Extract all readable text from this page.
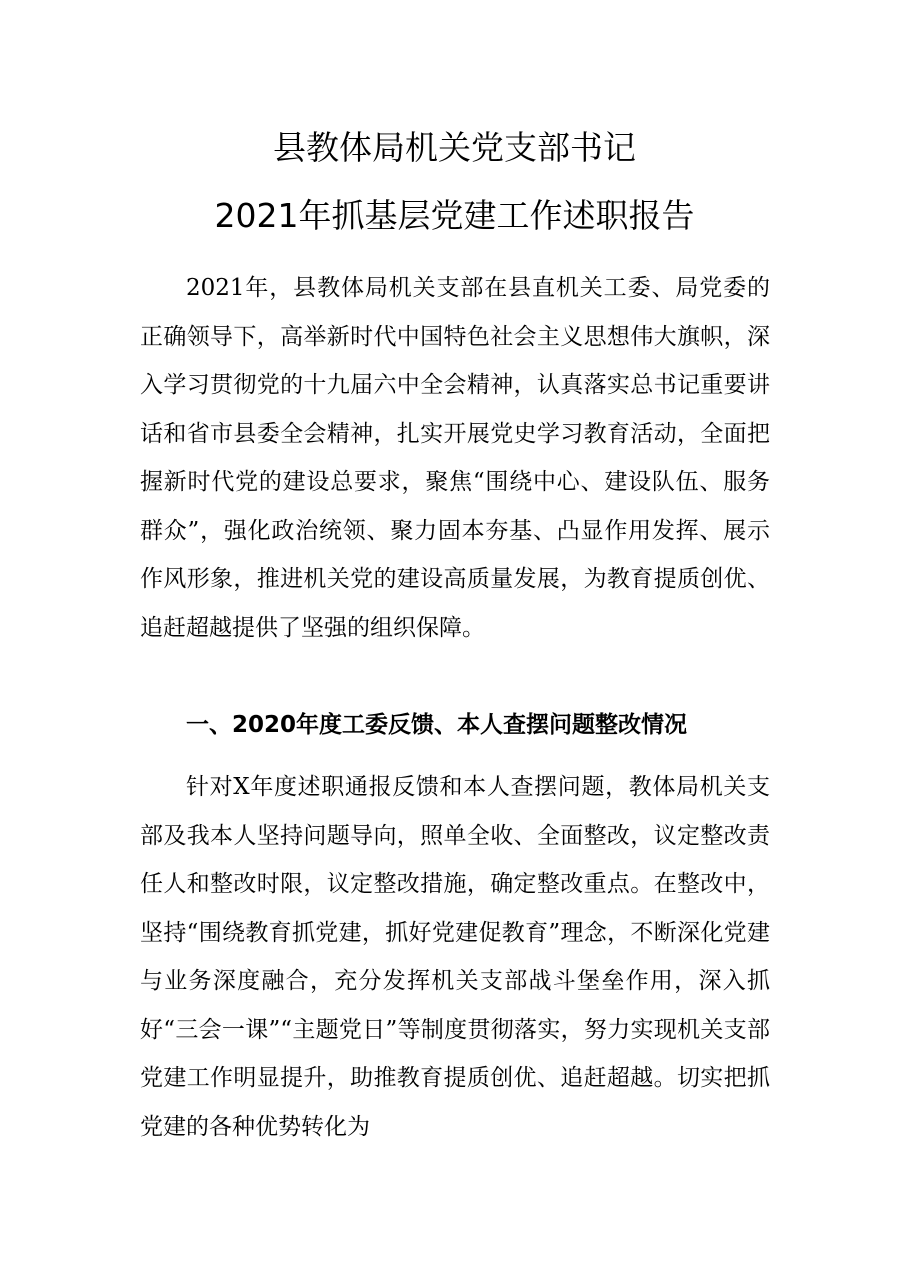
县教体局机关党支部书记
2021年抓基层党建工作述职报告

2021年，县教体局机关支部在县直机关工委、局党委的正确领导下，高举新时代中国特色社会主义思想伟大旗帜，深入学习贯彻党的十九届六中全会精神，认真落实总书记重要讲话和省市县委全会精神，扎实开展党史学习教育活动，全面把握新时代党的建设总要求，聚焦“围绕中心、建设队伍、服务群众”，强化政治统领、聚力固本夯基、凸显作用发挥、展示作风形象，推进机关党的建设高质量发展，为教育提质创优、追赶超越提供了坚强的组织保障。

一、2020年度工委反馈、本人查摆问题整改情况

针对X年度述职通报反馈和本人查摆问题，教体局机关支部及我本人坚持问题导向，照单全收、全面整改，议定整改责任人和整改时限，议定整改措施，确定整改重点。在整改中，坚持“围绕教育抓党建，抓好党建促教育”理念，不断深化党建与业务深度融合，充分发挥机关支部战斗堡垒作用，深入抓好“三会一课”“主题党日”等制度贯彻落实，努力实现机关支部党建工作明显提升，助推教育提质创优、追赶超越。切实把抓党建的各种优势转化为
